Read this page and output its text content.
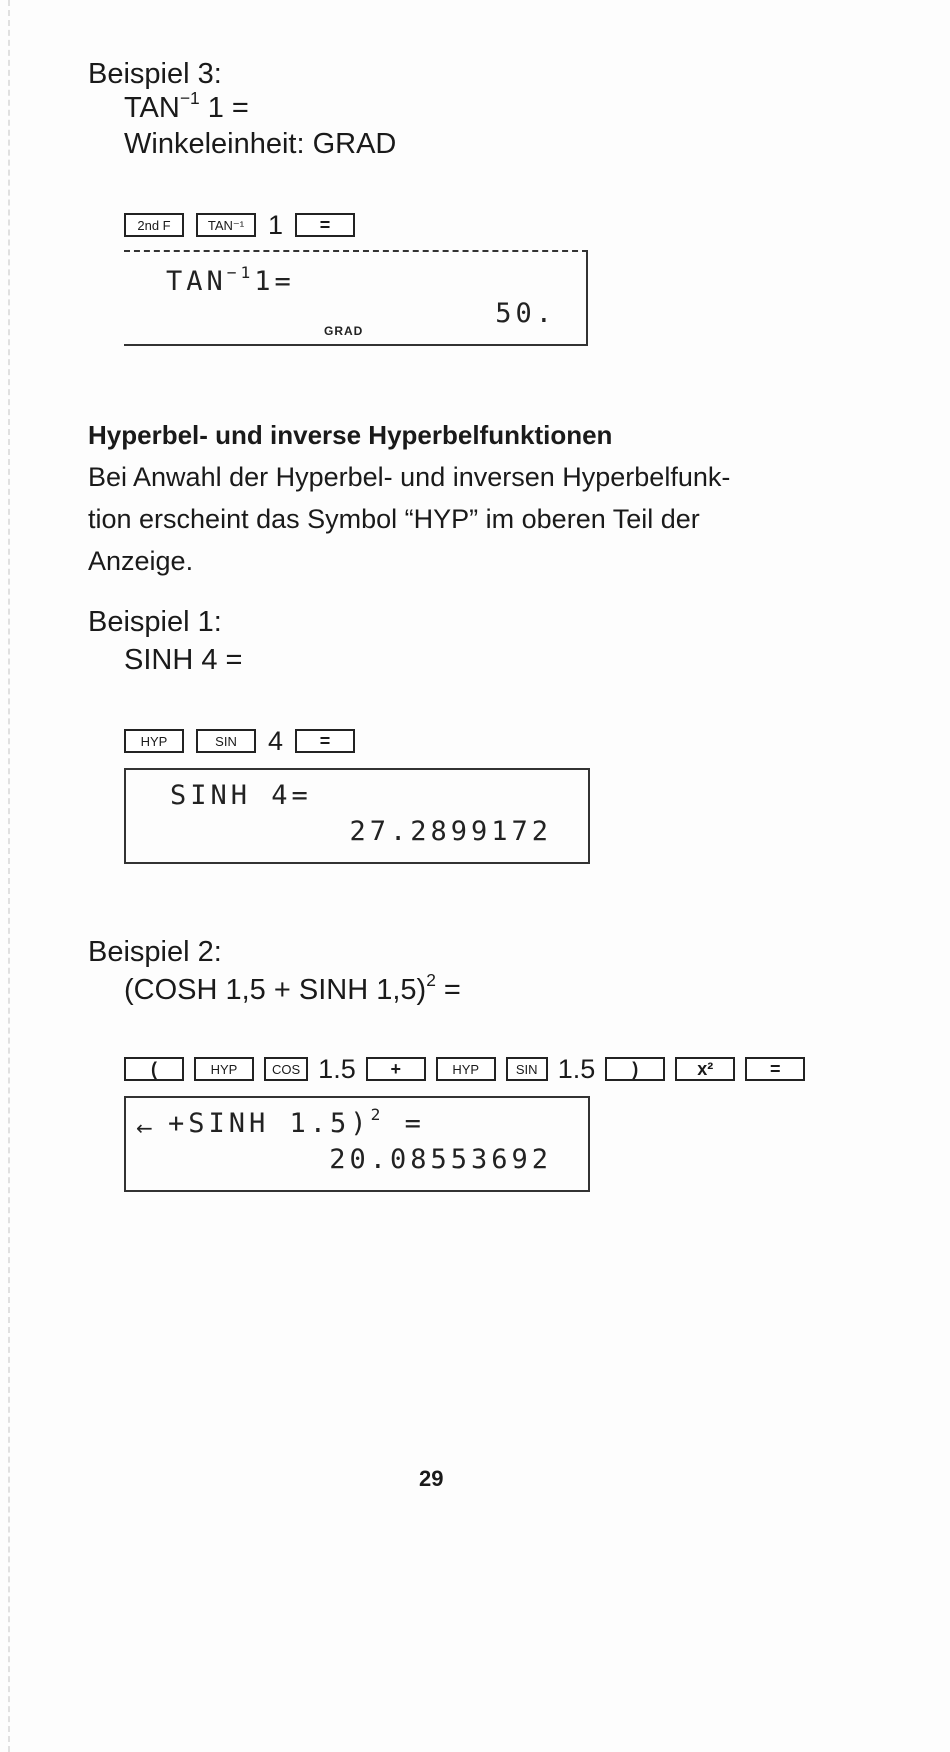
Beispiel 3:
$TAN^{-1}$ 1 =
Winkeleinheit: GRAD
2nd F	TAN⁻¹ 1	=
$TAN^{-1}1=$
50.
GRAD
Hyperbel- und inverse Hyperbelfunktionen
Bei Anwahl der Hyperbel- und inversen Hyperbelfunk-
tion erscheint das Symbol “HYP” im oberen Teil der
Anzeige.
Beispiel 1:
SINH 4 =
HYP	SIN	4	=
SINH 4=
27.2899172
Beispiel 2:
(COSH 1,5 + SINH 1,5)$^2$ =
(	HYP	COS 1.5	+	HYP	SIN 1.5	)	x²	=
← +SINH 1.5)$^2$ =
20.08553692
29
